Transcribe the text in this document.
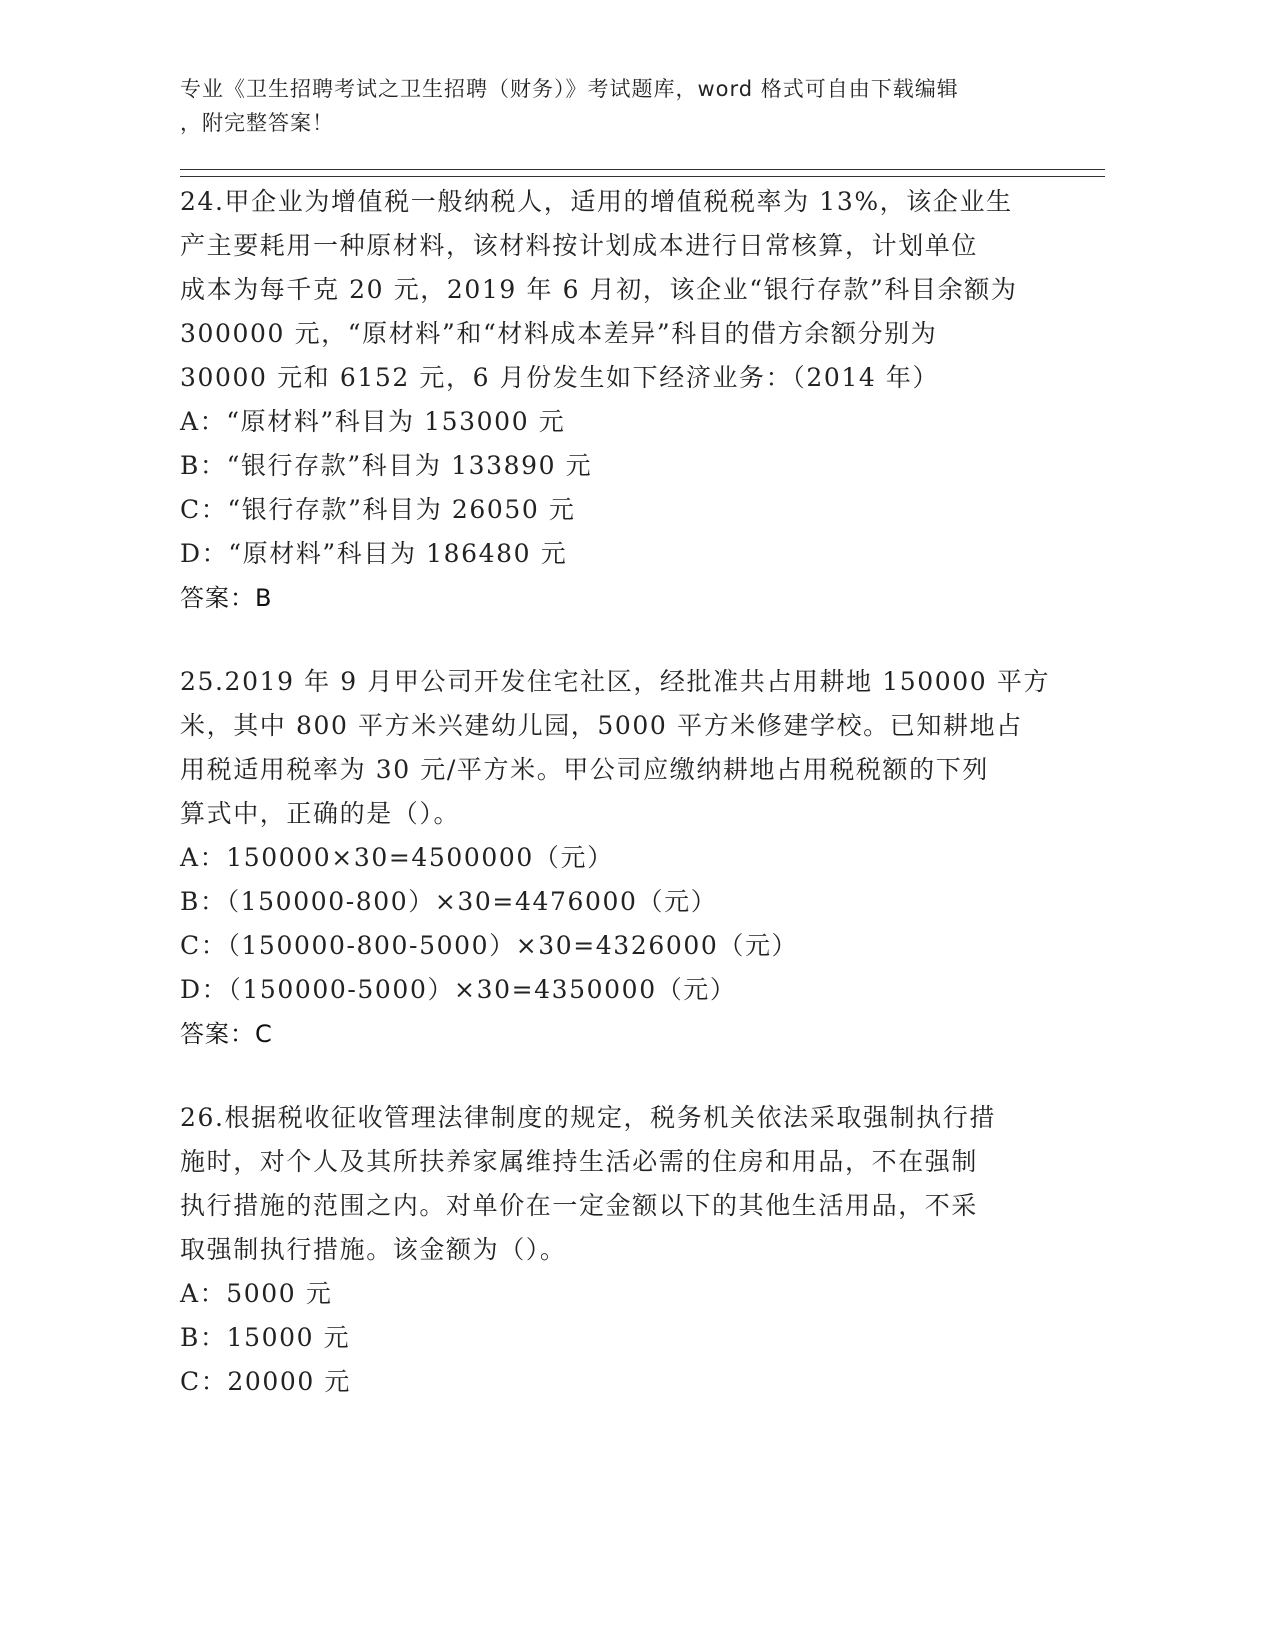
专业《卫生招聘考试之卫生招聘（财务）》考试题库，word 格式可自由下载编辑
，附完整答案！
24.甲企业为增值税一般纳税人，适用的增值税税率为 13%，该企业生
产主要耗用一种原材料，该材料按计划成本进行日常核算，计划单位
成本为每千克 20 元，2019 年 6 月初，该企业“银行存款”科目余额为
300000 元，“原材料”和“材料成本差异”科目的借方余额分别为
30000 元和 6152 元，6 月份发生如下经济业务：（2014 年）
A：“原材料”科目为 153000 元
B：“银行存款”科目为 133890 元
C：“银行存款”科目为 26050 元
D：“原材料”科目为 186480 元
答案：B
25.2019 年 9 月甲公司开发住宅社区，经批准共占用耕地 150000 平方
米，其中 800 平方米兴建幼儿园，5000 平方米修建学校。已知耕地占
用税适用税率为 30 元/平方米。甲公司应缴纳耕地占用税税额的下列
算式中，正确的是（）。
A：150000×30=4500000（元）
B：（150000-800）×30=4476000（元）
C：（150000-800-5000）×30=4326000（元）
D：（150000-5000）×30=4350000（元）
答案：C
26.根据税收征收管理法律制度的规定，税务机关依法采取强制执行措
施时，对个人及其所扶养家属维持生活必需的住房和用品，不在强制
执行措施的范围之内。对单价在一定金额以下的其他生活用品，不采
取强制执行措施。该金额为（）。
A：5000 元
B：15000 元
C：20000 元
